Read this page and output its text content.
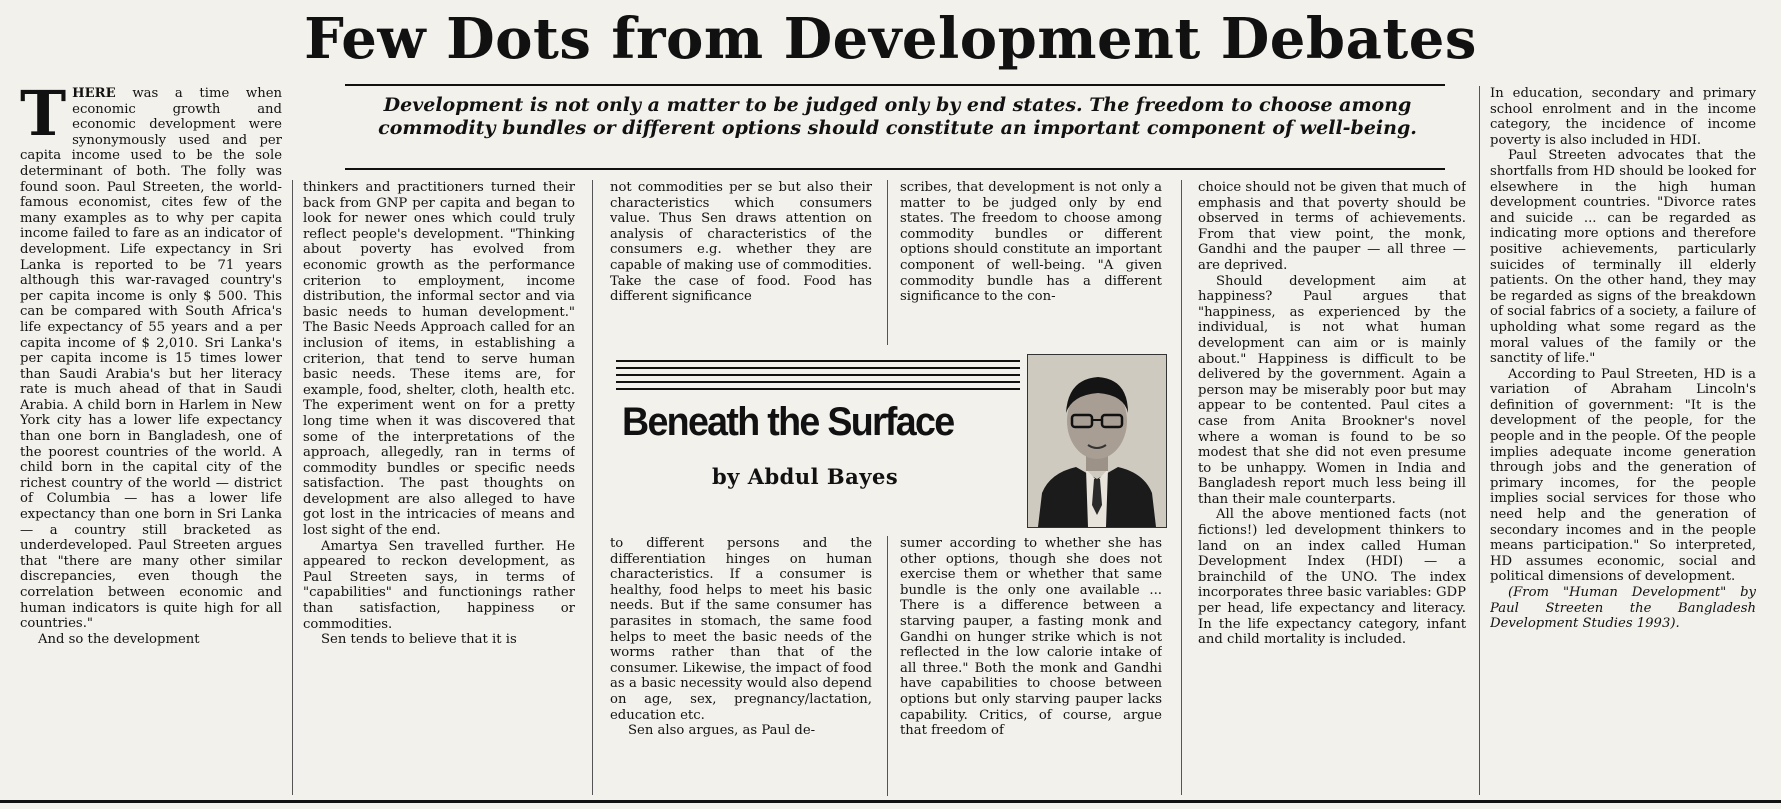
Few Dots from Development Debates
Development is not only a matter to be judged only by end states. The freedom to choose among commodity bundles or different options should constitute an important component of well-being.

THERE was a time when economic growth and economic development were synonymously used and per capita income used to be the sole determinant of both. The folly was found soon. Paul Streeten, the world-famous economist, cites few of the many examples as to why per capita income failed to fare as an indicator of development. Life expectancy in Sri Lanka is reported to be 71 years although this war-ravaged country's per capita income is only $ 500. This can be compared with South Africa's life expectancy of 55 years and a per capita income of $ 2,010. Sri Lanka's per capita income is 15 times lower than Saudi Arabia's but her literacy rate is much ahead of that in Saudi Arabia. A child born in Harlem in New York city has a lower life expectancy than one born in Bangladesh, one of the poorest countries of the world. A child born in the capital city of the richest country of the world — district of Columbia — has a lower life expectancy than one born in Sri Lanka — a country still bracketed as underdeveloped. Paul Streeten argues that "there are many other similar discrepancies, even though the correlation between economic and human indicators is quite high for all countries."

And so the development

thinkers and practitioners turned their back from GNP per capita and began to look for newer ones which could truly reflect people's development. "Thinking about poverty has evolved from economic growth as the performance criterion to employment, income distribution, the informal sector and via basic needs to human development." The Basic Needs Approach called for an inclusion of items, in establishing a criterion, that tend to serve human basic needs. These items are, for example, food, shelter, cloth, health etc. The experiment went on for a pretty long time when it was discovered that some of the interpretations of the approach, allegedly, ran in terms of commodity bundles or specific needs satisfaction. The past thoughts on development are also alleged to have got lost in the intricacies of means and lost sight of the end.

Amartya Sen travelled further. He appeared to reckon development, as Paul Streeten says, in terms of "capabilities" and functionings rather than satisfaction, happiness or commodities.

Sen tends to believe that it is

not commodities per se but also their characteristics which consumers value. Thus Sen draws attention on analysis of characteristics of the consumers e.g. whether they are capable of making use of commodities. Take the case of food. Food has different significance

to different persons and the differentiation hinges on human characteristics. If a consumer is healthy, food helps to meet his basic needs. But if the same consumer has parasites in stomach, the same food helps to meet the basic needs of the worms rather than that of the consumer. Likewise, the impact of food as a basic necessity would also depend on age, sex, pregnancy/lactation, education etc.

Sen also argues, as Paul de-

scribes, that development is not only a matter to be judged only by end states. The freedom to choose among commodity bundles or different options should constitute an important component of well-being. "A given commodity bundle has a different significance to the con-

sumer according to whether she has other options, though she does not exercise them or whether that same bundle is the only one available ... There is a difference between a starving pauper, a fasting monk and Gandhi on hunger strike which is not reflected in the low calorie intake of all three." Both the monk and Gandhi have capabilities to choose between options but only starving pauper lacks capability. Critics, of course, argue that freedom of

choice should not be given that much of emphasis and that poverty should be observed in terms of achievements. From that view point, the monk, Gandhi and the pauper — all three — are deprived.

Should development aim at happiness? Paul argues that "happiness, as experienced by the individual, is not what human development can aim or is mainly about." Happiness is difficult to be delivered by the government. Again a person may be miserably poor but may appear to be contented. Paul cites a case from Anita Brookner's novel where a woman is found to be so modest that she did not even presume to be unhappy. Women in India and Bangladesh report much less being ill than their male counterparts.

All the above mentioned facts (not fictions!) led development thinkers to land on an index called Human Development Index (HDI) — a brainchild of the UNO. The index incorporates three basic variables: GDP per head, life expectancy and literacy. In the life expectancy category, infant and child mortality is included.

In education, secondary and primary school enrolment and in the income category, the incidence of income poverty is also included in HDI.

Paul Streeten advocates that the shortfalls from HD should be looked for elsewhere in the high human development countries. "Divorce rates and suicide ... can be regarded as indicating more options and therefore positive achievements, particularly suicides of terminally ill elderly patients. On the other hand, they may be regarded as signs of the breakdown of social fabrics of a society, a failure of upholding what some regard as the moral values of the family or the sanctity of life."

According to Paul Streeten, HD is a variation of Abraham Lincoln's definition of government: "It is the development of the people, for the people and in the people. Of the people implies adequate income generation through jobs and the generation of primary incomes, for the people implies social services for those who need help and the generation of secondary incomes and in the people means participation." So interpreted, HD assumes economic, social and political dimensions of development.

(From "Human Development" by Paul Streeten the Bangladesh Development Studies 1993).

Beneath the Surface
by Abdul Bayes
